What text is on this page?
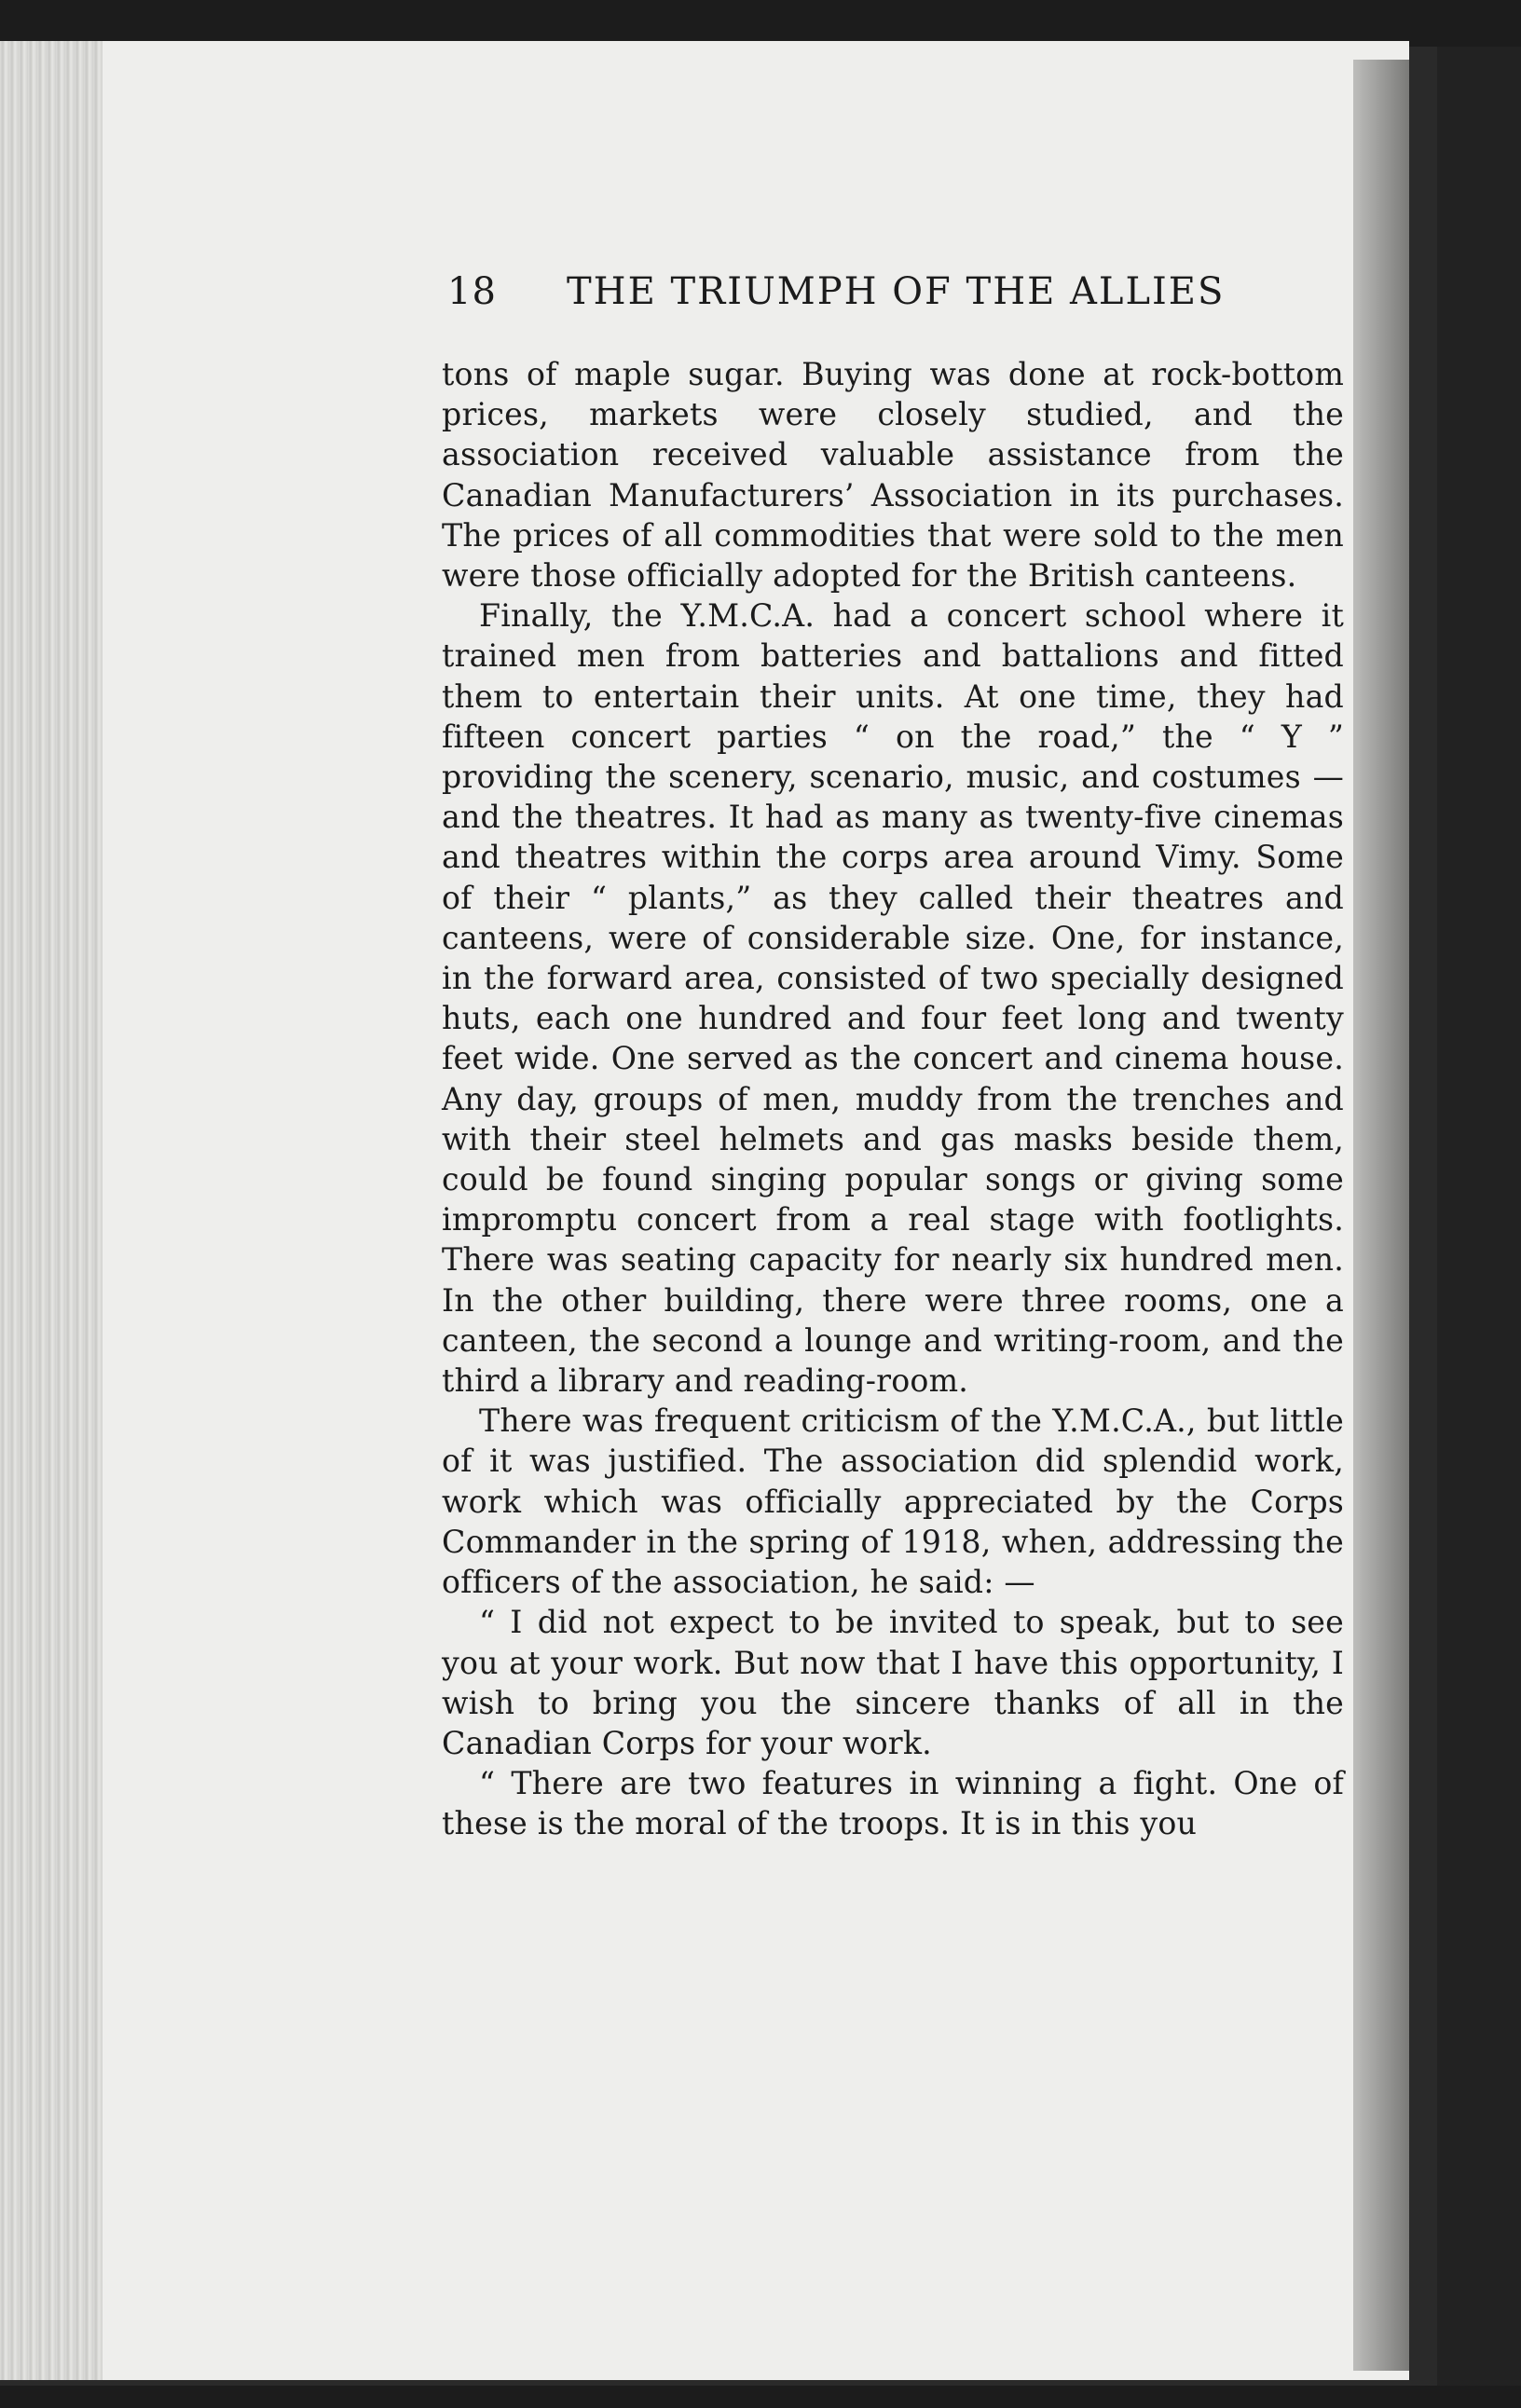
18 THE TRIUMPH OF THE ALLIES

tons of maple sugar. Buying was done at rock-bottom prices, markets were closely studied, and the association received valuable assistance from the Canadian Manufacturers’ Association in its purchases. The prices of all commodities that were sold to the men were those officially adopted for the British canteens.

Finally, the Y.M.C.A. had a concert school where it trained men from batteries and battalions and fitted them to entertain their units. At one time, they had fifteen concert parties “ on the road,” the “ Y ” providing the scenery, scenario, music, and costumes — and the theatres. It had as many as twenty-five cinemas and theatres within the corps area around Vimy. Some of their “ plants,” as they called their theatres and canteens, were of considerable size. One, for instance, in the forward area, consisted of two specially designed huts, each one hundred and four feet long and twenty feet wide. One served as the concert and cinema house. Any day, groups of men, muddy from the trenches and with their steel helmets and gas masks beside them, could be found singing popular songs or giving some impromptu concert from a real stage with footlights. There was seating capacity for nearly six hundred men. In the other building, there were three rooms, one a canteen, the second a lounge and writing-room, and the third a library and reading-room.

There was frequent criticism of the Y.M.C.A., but little of it was justified. The association did splendid work, work which was officially appreciated by the Corps Commander in the spring of 1918, when, addressing the officers of the association, he said: —

“ I did not expect to be invited to speak, but to see you at your work. But now that I have this opportunity, I wish to bring you the sincere thanks of all in the Canadian Corps for your work.

“ There are two features in winning a fight. One of these is the moral of the troops. It is in this you
